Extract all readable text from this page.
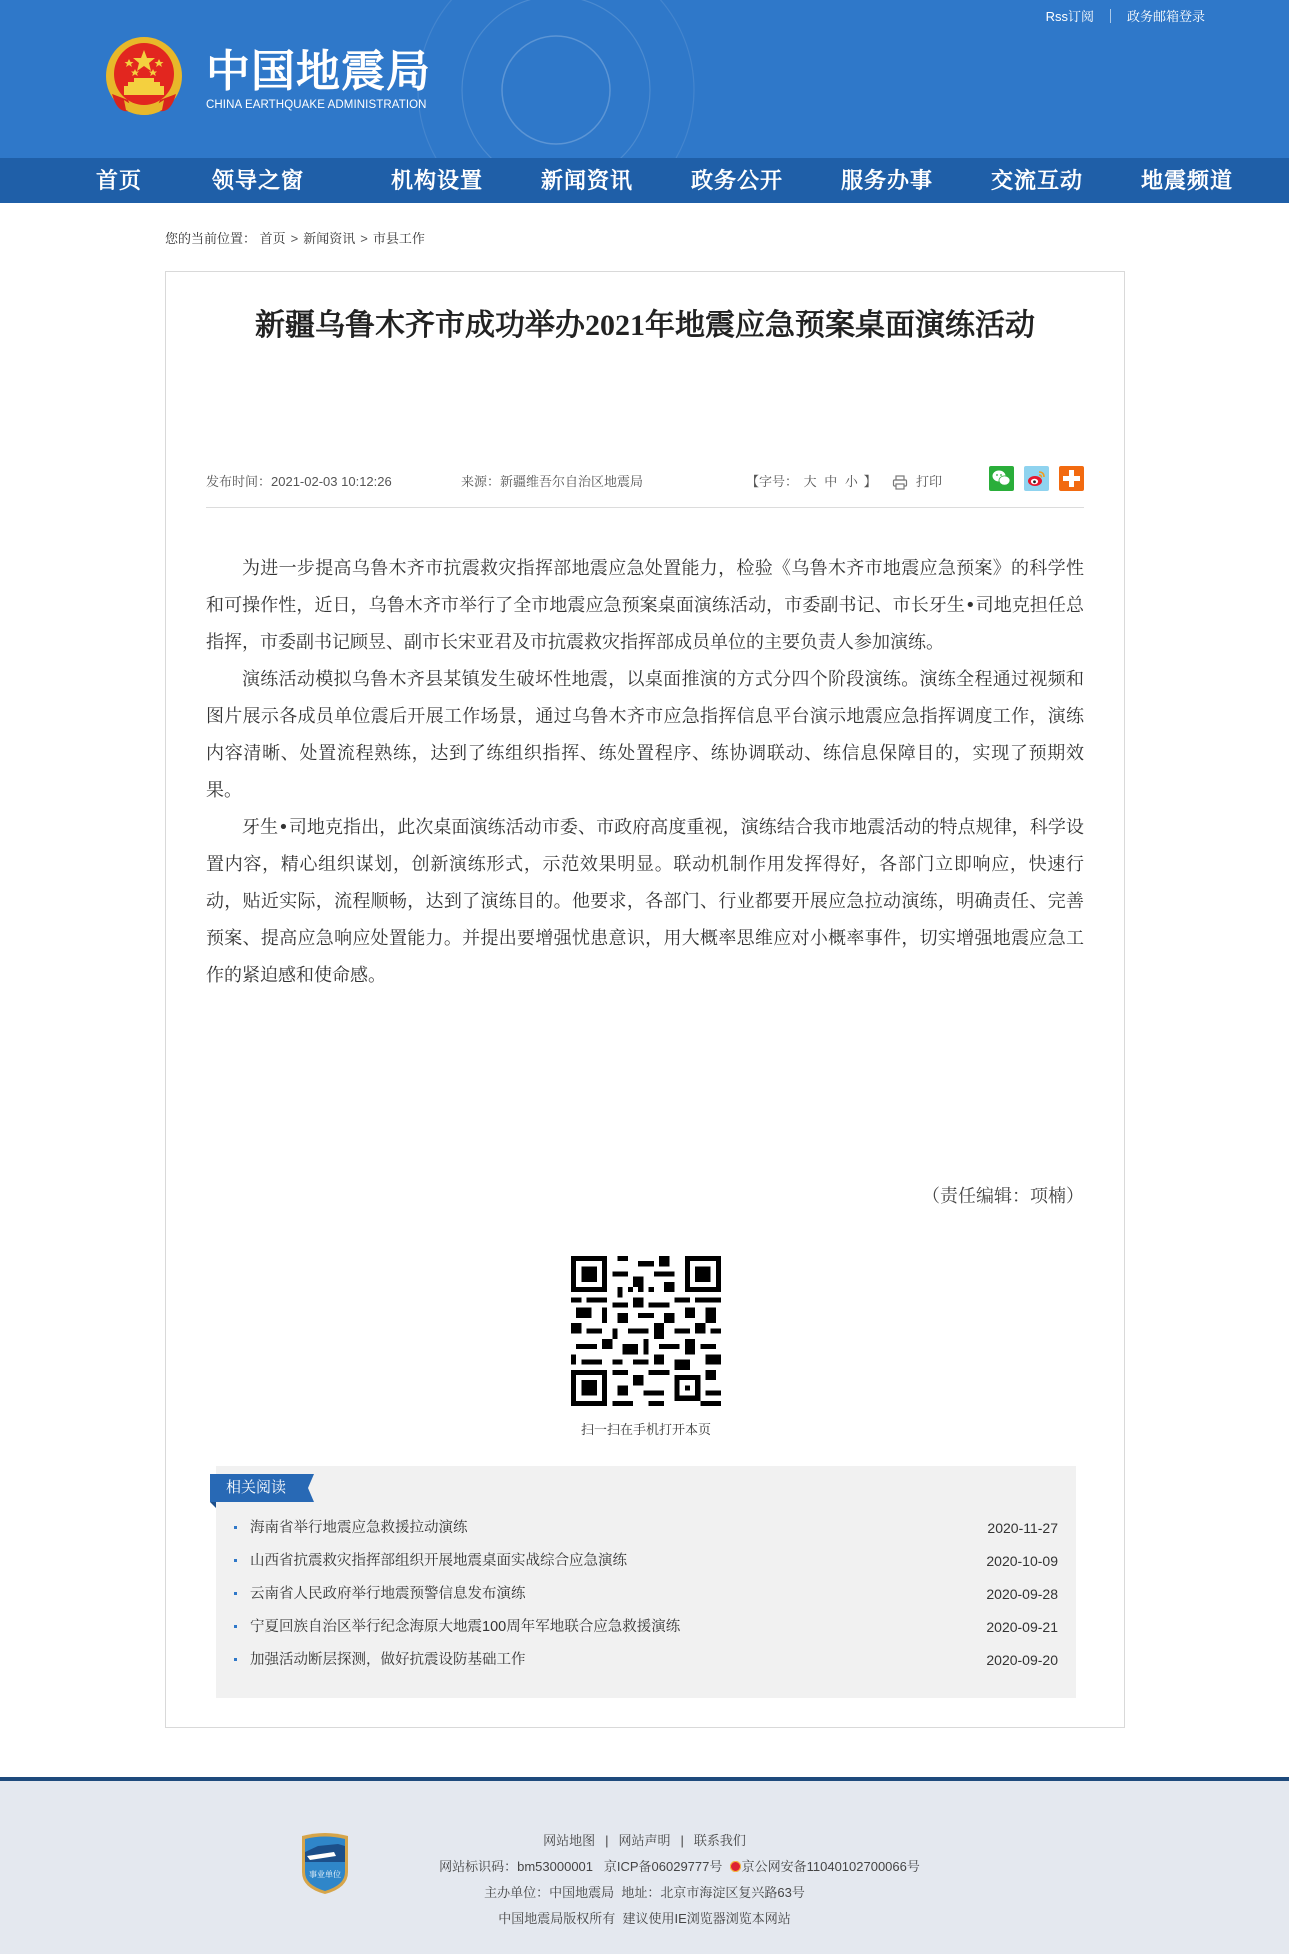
Rss订阅	政务邮箱登录
中国地震局
CHINA EARTHQUAKE ADMINISTRATION
首页	领导之窗	机构设置	新闻资讯	政务公开	服务办事	交流互动	地震频道
您的当前位置： 首页 > 新闻资讯 > 市县工作
新疆乌鲁木齐市成功举办2021年地震应急预案桌面演练活动
发布时间：2021-02-03 10:12:26	来源：新疆维吾尔自治区地震局	【字号： 大 中 小 】	打印

为进一步提高乌鲁木齐市抗震救灾指挥部地震应急处置能力，检验《乌鲁木齐市地震应急预案》的科学性和可操作性，近日，乌鲁木齐市举行了全市地震应急预案桌面演练活动，市委副书记、市长牙生•司地克担任总指挥，市委副书记顾昱、副市长宋亚君及市抗震救灾指挥部成员单位的主要负责人参加演练。

演练活动模拟乌鲁木齐县某镇发生破坏性地震，以桌面推演的方式分四个阶段演练。演练全程通过视频和图片展示各成员单位震后开展工作场景，通过乌鲁木齐市应急指挥信息平台演示地震应急指挥调度工作，演练内容清晰、处置流程熟练，达到了练组织指挥、练处置程序、练协调联动、练信息保障目的，实现了预期效果。

牙生•司地克指出，此次桌面演练活动市委、市政府高度重视，演练结合我市地震活动的特点规律，科学设置内容，精心组织谋划，创新演练形式，示范效果明显。联动机制作用发挥得好，各部门立即响应，快速行动，贴近实际，流程顺畅，达到了演练目的。他要求，各部门、行业都要开展应急拉动演练，明确责任、完善预案、提高应急响应处置能力。并提出要增强忧患意识，用大概率思维应对小概率事件，切实增强地震应急工作的紧迫感和使命感。

（责任编辑：项楠）
扫一扫在手机打开本页
相关阅读
海南省举行地震应急救援拉动演练	2020-11-27
山西省抗震救灾指挥部组织开展地震桌面实战综合应急演练	2020-10-09
云南省人民政府举行地震预警信息发布演练	2020-09-28
宁夏回族自治区举行纪念海原大地震100周年军地联合应急救援演练	2020-09-21
加强活动断层探测，做好抗震设防基础工作	2020-09-20
事业单位
网站地图 | 网站声明 | 联系我们
网站标识码：bm53000001 京ICP备06029777号 京公网安备11040102700066号
主办单位：中国地震局 地址：北京市海淀区复兴路63号
中国地震局版权所有 建议使用IE浏览器浏览本网站
